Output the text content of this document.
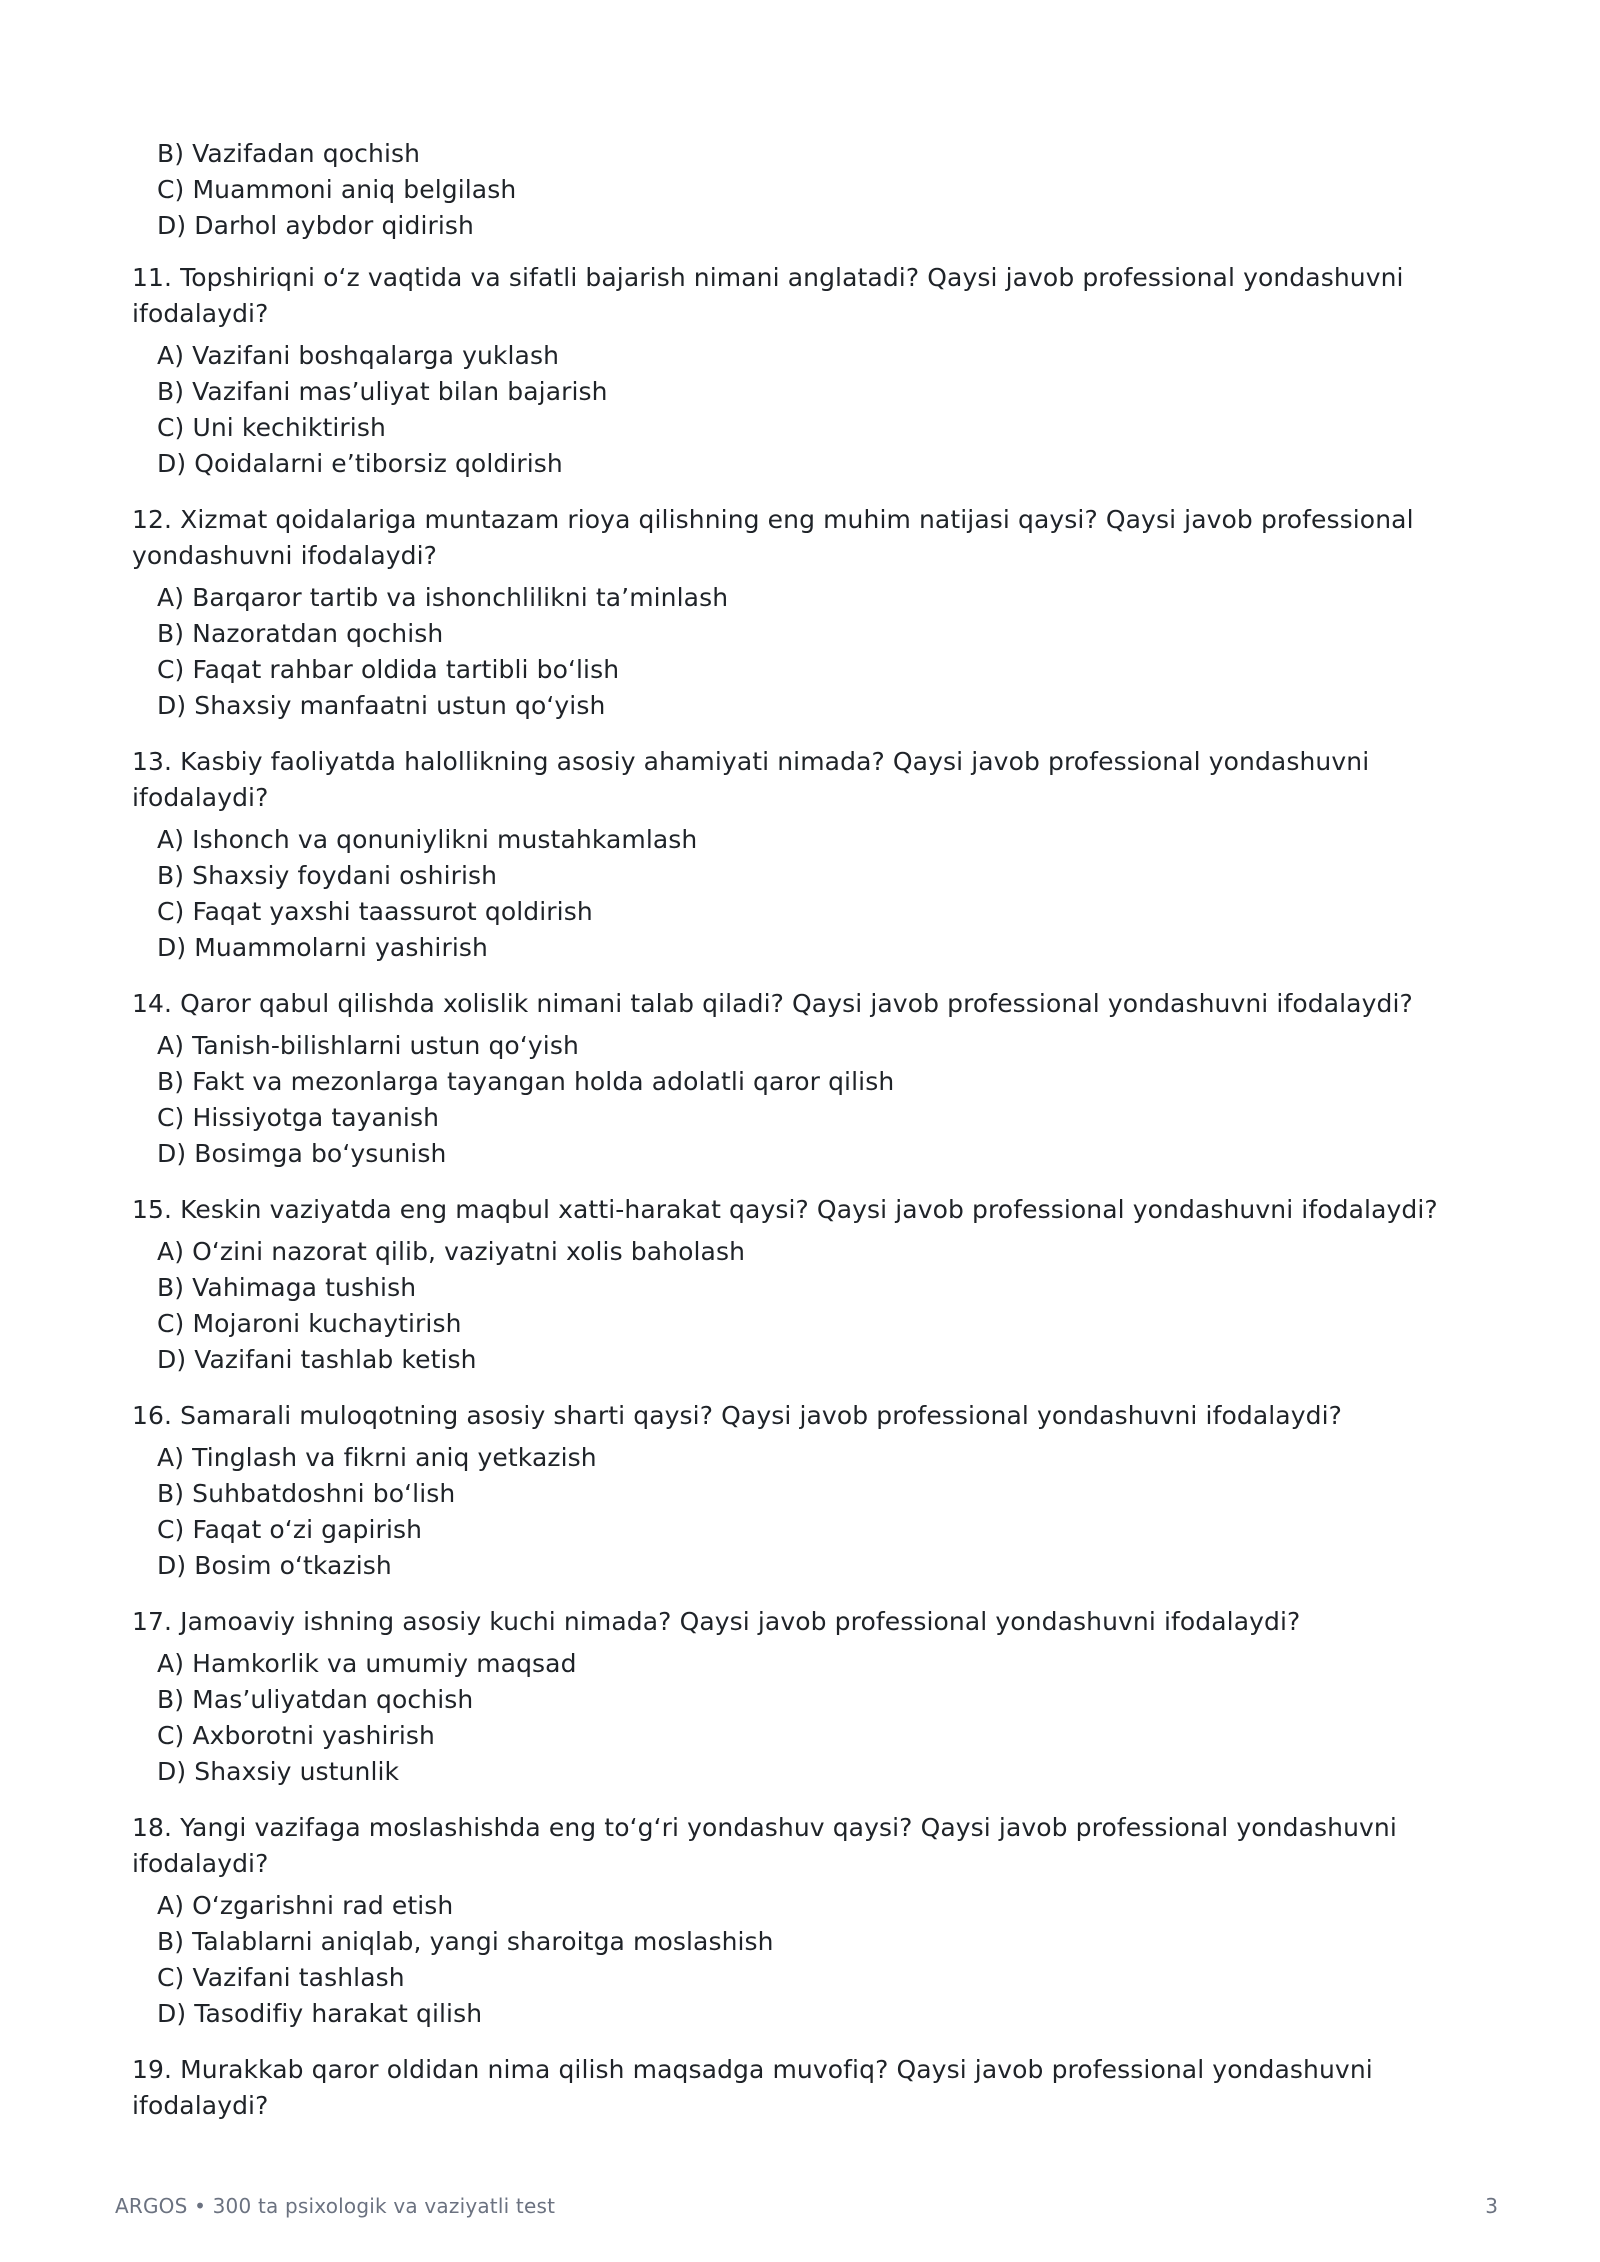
B) Vazifadan qochish
C) Muammoni aniq belgilash
D) Darhol aybdor qidirish
11. Topshiriqni o‘z vaqtida va sifatli bajarish nimani anglatadi? Qaysi javob professional yondashuvni ifodalaydi?
A) Vazifani boshqalarga yuklash
B) Vazifani mas’uliyat bilan bajarish
C) Uni kechiktirish
D) Qoidalarni e’tiborsiz qoldirish
12. Xizmat qoidalariga muntazam rioya qilishning eng muhim natijasi qaysi? Qaysi javob professional yondashuvni ifodalaydi?
A) Barqaror tartib va ishonchlilikni ta’minlash
B) Nazoratdan qochish
C) Faqat rahbar oldida tartibli bo‘lish
D) Shaxsiy manfaatni ustun qo‘yish
13. Kasbiy faoliyatda halollikning asosiy ahamiyati nimada? Qaysi javob professional yondashuvni ifodalaydi?
A) Ishonch va qonuniylikni mustahkamlash
B) Shaxsiy foydani oshirish
C) Faqat yaxshi taassurot qoldirish
D) Muammolarni yashirish
14. Qaror qabul qilishda xolislik nimani talab qiladi? Qaysi javob professional yondashuvni ifodalaydi?
A) Tanish-bilishlarni ustun qo‘yish
B) Fakt va mezonlarga tayangan holda adolatli qaror qilish
C) Hissiyotga tayanish
D) Bosimga bo‘ysunish
15. Keskin vaziyatda eng maqbul xatti-harakat qaysi? Qaysi javob professional yondashuvni ifodalaydi?
A) O‘zini nazorat qilib, vaziyatni xolis baholash
B) Vahimaga tushish
C) Mojaroni kuchaytirish
D) Vazifani tashlab ketish
16. Samarali muloqotning asosiy sharti qaysi? Qaysi javob professional yondashuvni ifodalaydi?
A) Tinglash va fikrni aniq yetkazish
B) Suhbatdoshni bo‘lish
C) Faqat o‘zi gapirish
D) Bosim o‘tkazish
17. Jamoaviy ishning asosiy kuchi nimada? Qaysi javob professional yondashuvni ifodalaydi?
A) Hamkorlik va umumiy maqsad
B) Mas’uliyatdan qochish
C) Axborotni yashirish
D) Shaxsiy ustunlik
18. Yangi vazifaga moslashishda eng to‘g‘ri yondashuv qaysi? Qaysi javob professional yondashuvni ifodalaydi?
A) O‘zgarishni rad etish
B) Talablarni aniqlab, yangi sharoitga moslashish
C) Vazifani tashlash
D) Tasodifiy harakat qilish
19. Murakkab qaror oldidan nima qilish maqsadga muvofiq? Qaysi javob professional yondashuvni ifodalaydi?
ARGOS • 300 ta psixologik va vaziyatli test	3
